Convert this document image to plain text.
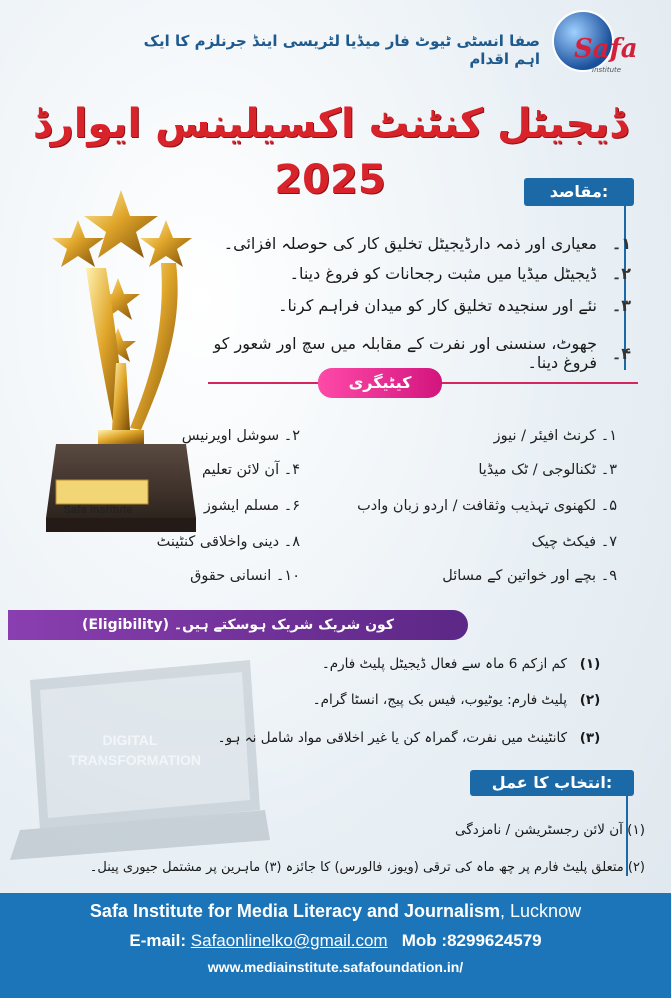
DIGITAL
TRANSFORMATION
صفا انسٹی ٹیوٹ فار میڈیا لٹریسی اینڈ جرنلزم کا ایک اہم اقدام Safa
Institute
ڈیجیٹل کنٹنٹ اکسیلینس ایوارڈ 2025
Safa Institute
مقاصد:
۱۔
معیاری اور ذمہ دارڈیجیٹل تخلیق کار کی حوصلہ افزائی۔
۲۔
ڈیجیٹل میڈیا میں مثبت رجحانات کو فروغ دینا۔
۳۔
نئے اور سنجیدہ تخلیق کار کو میدان فراہم کرنا۔
۴۔
جھوٹ، سنسنی اور نفرت کے مقابلہ میں سچ اور شعور کو فروغ دینا۔
کیٹیگری
۱۔ کرنٹ افیئر / نیوز
۳۔ ٹکنالوجی / ٹک میڈیا
۵۔ لکھنوی تہذیب وثقافت / اردو زبان وادب
۷۔ فیکٹ چیک
۹۔ بچے اور خواتین کے مسائل
۲۔ سوشل اویرنیس
۴۔ آن لائن تعلیم
۶۔ مسلم ایشوز
۸۔ دینی واخلاقی کنٹینٹ
۱۰۔ انسانی حقوق
کون شریک شریک ہوسکتے ہیں۔ (Eligibility)
(۱)
کم ازکم 6 ماہ سے فعال ڈیجیٹل پلیٹ فارم۔
(۲)
پلیٹ فارم: یوٹیوب، فیس بک پیج، انسٹا گرام۔
(۳)
کانٹینٹ میں نفرت، گمراہ کن یا غیر اخلاقی مواد شامل نہ ہو۔
انتخاب کا عمل:
(۱) آن لائن رجسٹریشن / نامزدگی
(۲) متعلق پلیٹ فارم پر چھ ماہ کی ترقی (ویوز، فالورس) کا جائزہ (۳) ماہرین پر مشتمل جیوری پینل۔
Safa Institute for Media Literacy and Journalism, Lucknow
E-mail: Safaonlinelko@gmail.com Mob :8299624579
www.mediainstitute.safafoundation.in/
